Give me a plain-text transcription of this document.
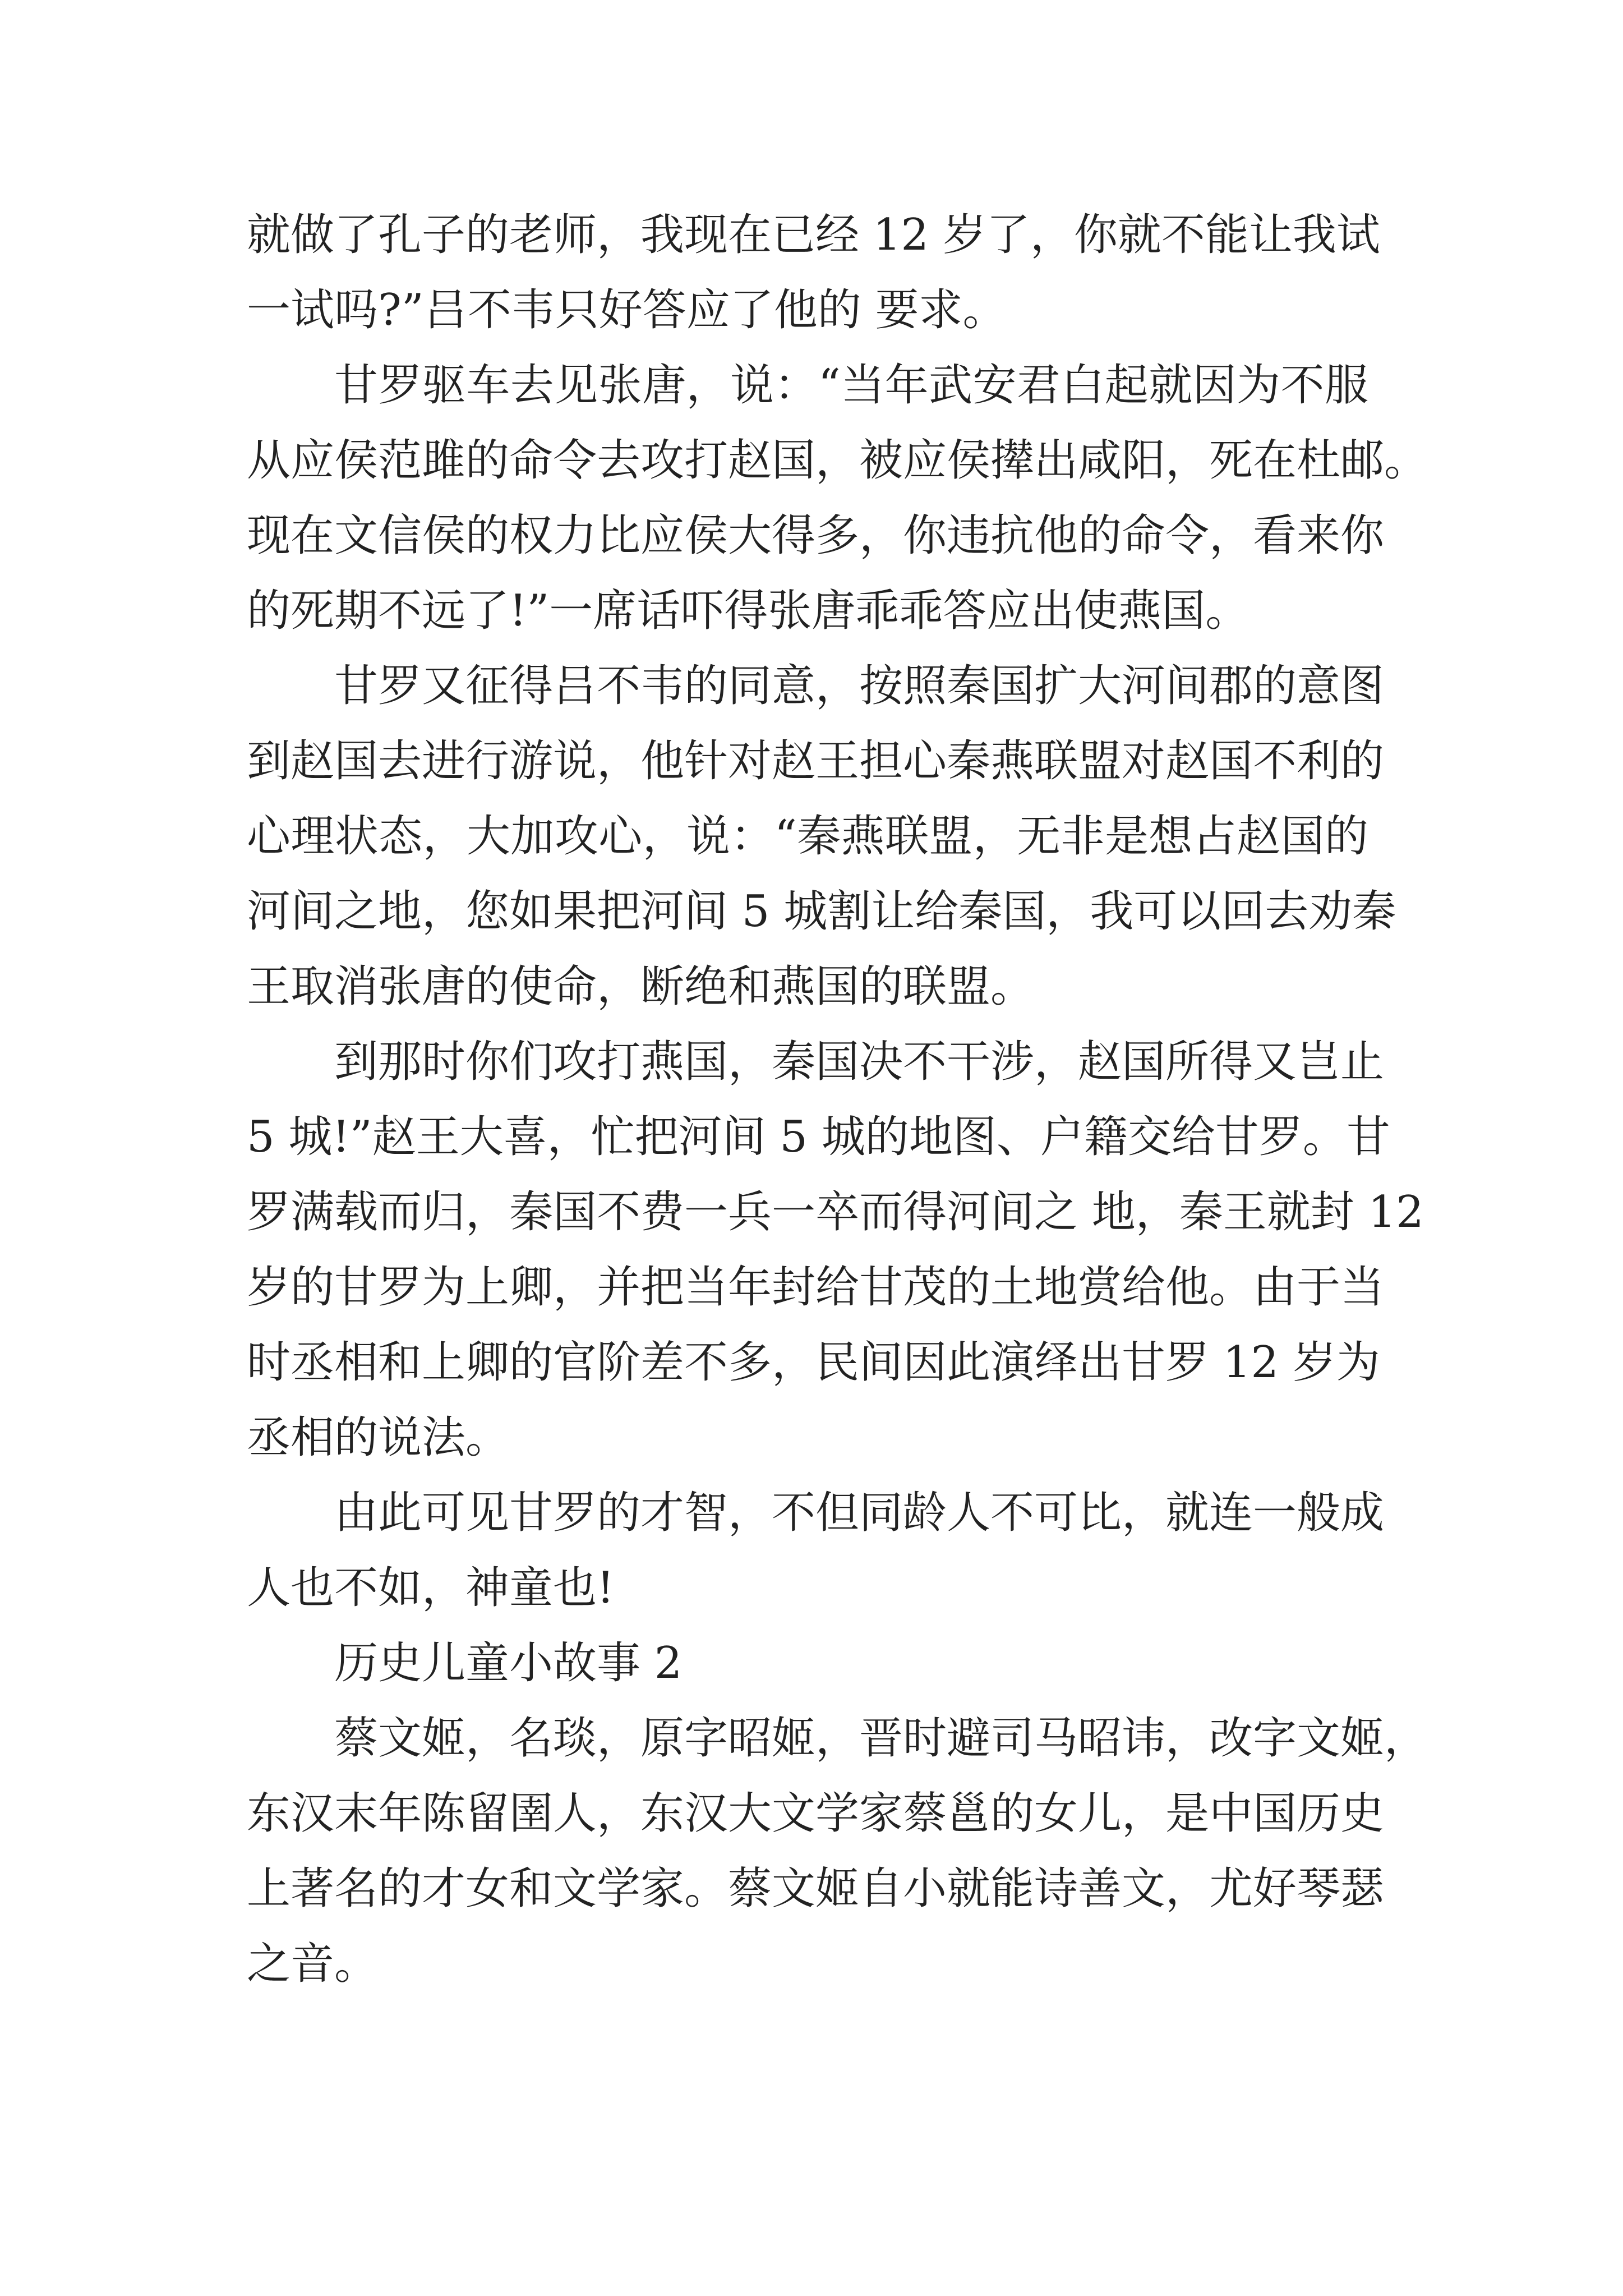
就做了孔子的老师，我现在已经 12 岁了，你就不能让我试
一试吗?”吕不韦只好答应了他的 要求。
甘罗驱车去见张唐，说：“当年武安君白起就因为不服
从应侯范雎的命令去攻打赵国，被应侯撵出咸阳，死在杜邮。
现在文信侯的权力比应侯大得多，你违抗他的命令，看来你
的死期不远了!”一席话吓得张唐乖乖答应出使燕国。
甘罗又征得吕不韦的同意，按照秦国扩大河间郡的意图
到赵国去进行游说，他针对赵王担心秦燕联盟对赵国不利的
心理状态，大加攻心，说：“秦燕联盟，无非是想占赵国的
河间之地，您如果把河间 5 城割让给秦国，我可以回去劝秦
王取消张唐的使命，断绝和燕国的联盟。
到那时你们攻打燕国，秦国决不干涉，赵国所得又岂止
5 城!”赵王大喜，忙把河间 5 城的地图、户籍交给甘罗。甘
罗满载而归，秦国不费一兵一卒而得河间之 地，秦王就封 12
岁的甘罗为上卿，并把当年封给甘茂的土地赏给他。由于当
时丞相和上卿的官阶差不多，民间因此演绎出甘罗 12 岁为
丞相的说法。
由此可见甘罗的才智，不但同龄人不可比，就连一般成
人也不如，神童也!
历史儿童小故事 2
蔡文姬，名琰，原字昭姬，晋时避司马昭讳，改字文姬，
东汉末年陈留圉人，东汉大文学家蔡邕的女儿，是中国历史
上著名的才女和文学家。蔡文姬自小就能诗善文，尤好琴瑟
之音。
